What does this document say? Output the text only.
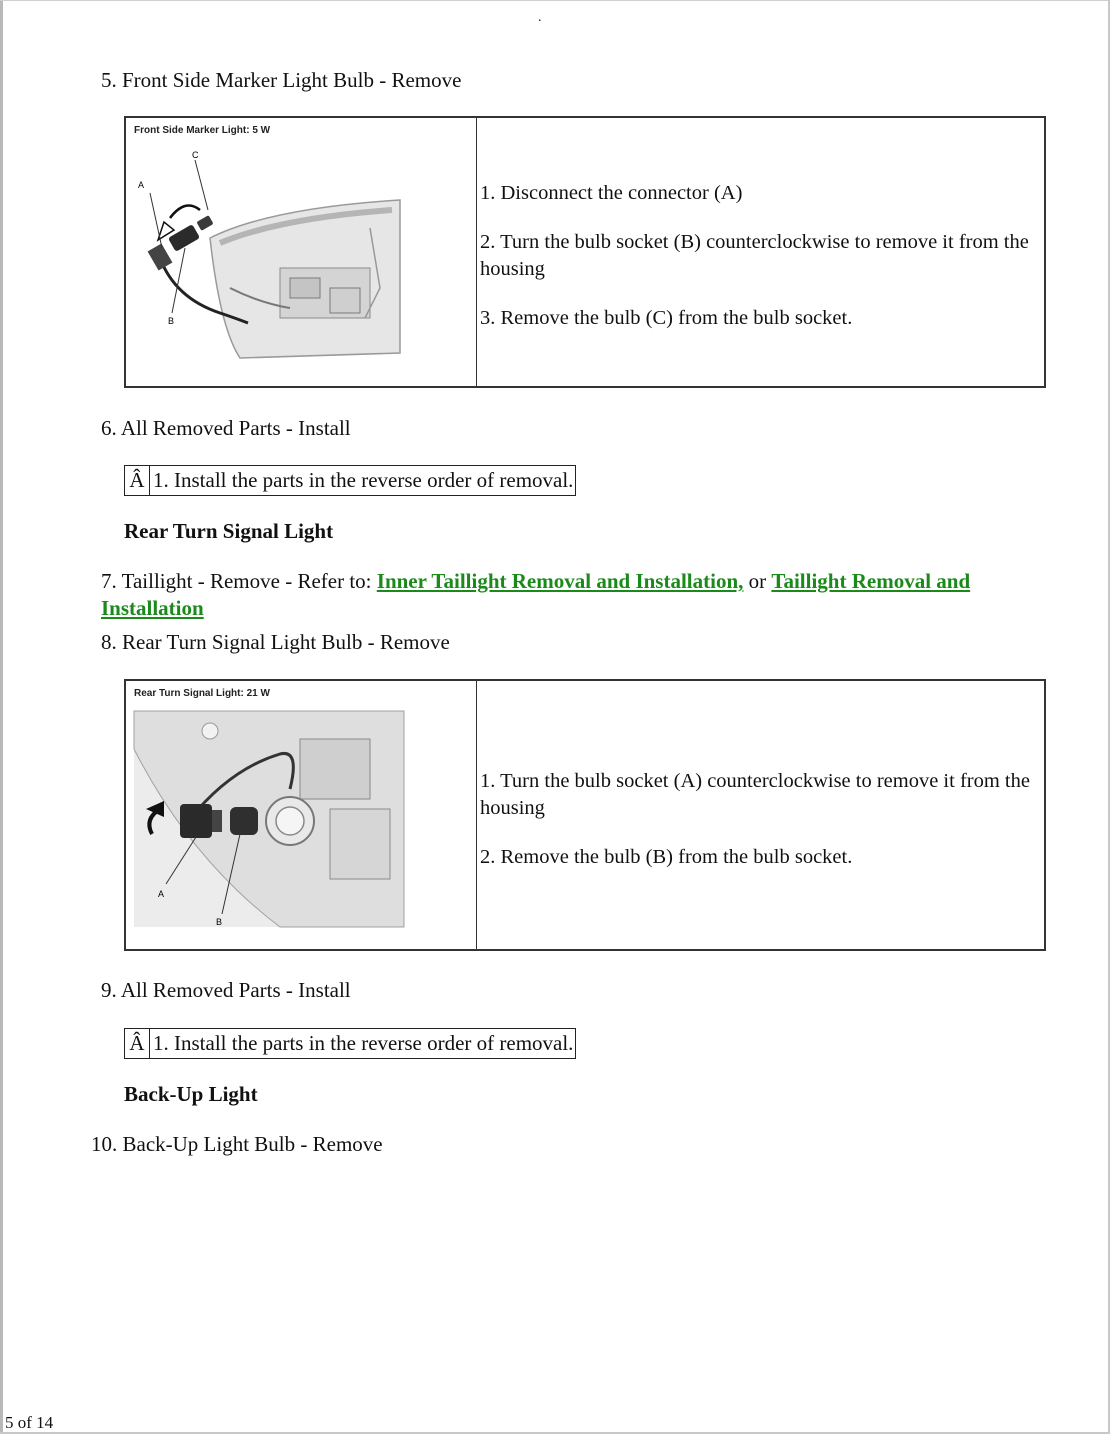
.
5. Front Side Marker Light Bulb - Remove
Front Side Marker Light: 5 W
A
C
B
1. Disconnect the connector (A)
2. Turn the bulb socket (B) counterclockwise to remove it from the housing
3. Remove the bulb (C) from the bulb socket.
6. All Removed Parts - Install
Â 1. Install the parts in the reverse order of removal.
Rear Turn Signal Light
7. Taillight - Remove - Refer to: Inner Taillight Removal and Installation, or Taillight Removal and Installation
8. Rear Turn Signal Light Bulb - Remove
Rear Turn Signal Light: 21 W
A
B
1. Turn the bulb socket (A) counterclockwise to remove it from the housing
2. Remove the bulb (B) from the bulb socket.
9. All Removed Parts - Install
Â 1. Install the parts in the reverse order of removal.
Back-Up Light
10. Back-Up Light Bulb - Remove
5 of 14
